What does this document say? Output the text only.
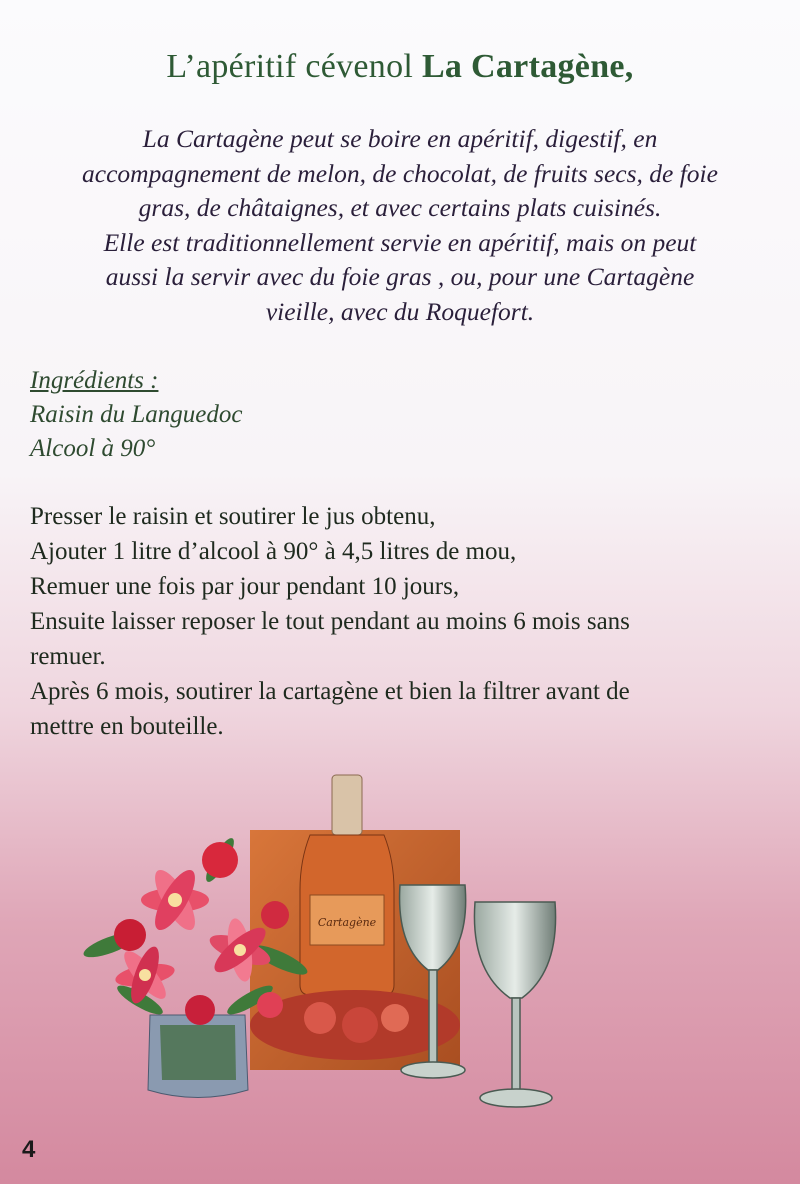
L’apéritif cévenol La Cartagène,
La Cartagène peut se boire en apéritif, digestif, en
accompagnement de melon, de chocolat, de fruits secs, de foie
gras, de châtaignes, et avec certains plats cuisinés.
Elle est traditionnellement servie en apéritif, mais on peut
aussi la servir avec du foie gras , ou, pour une Cartagène
vieille, avec du Roquefort.
Ingrédients :
Raisin du Languedoc
Alcool à 90°
Presser le raisin et soutirer le jus obtenu,
Ajouter 1 litre d’alcool à 90° à 4,5 litres de mou,
Remuer une fois par jour pendant 10 jours,
Ensuite laisser reposer le tout pendant au moins 6 mois sans
remuer.
Après 6 mois, soutirer la cartagène et bien la filtrer avant de
mettre en bouteille.
Cartagène
4
